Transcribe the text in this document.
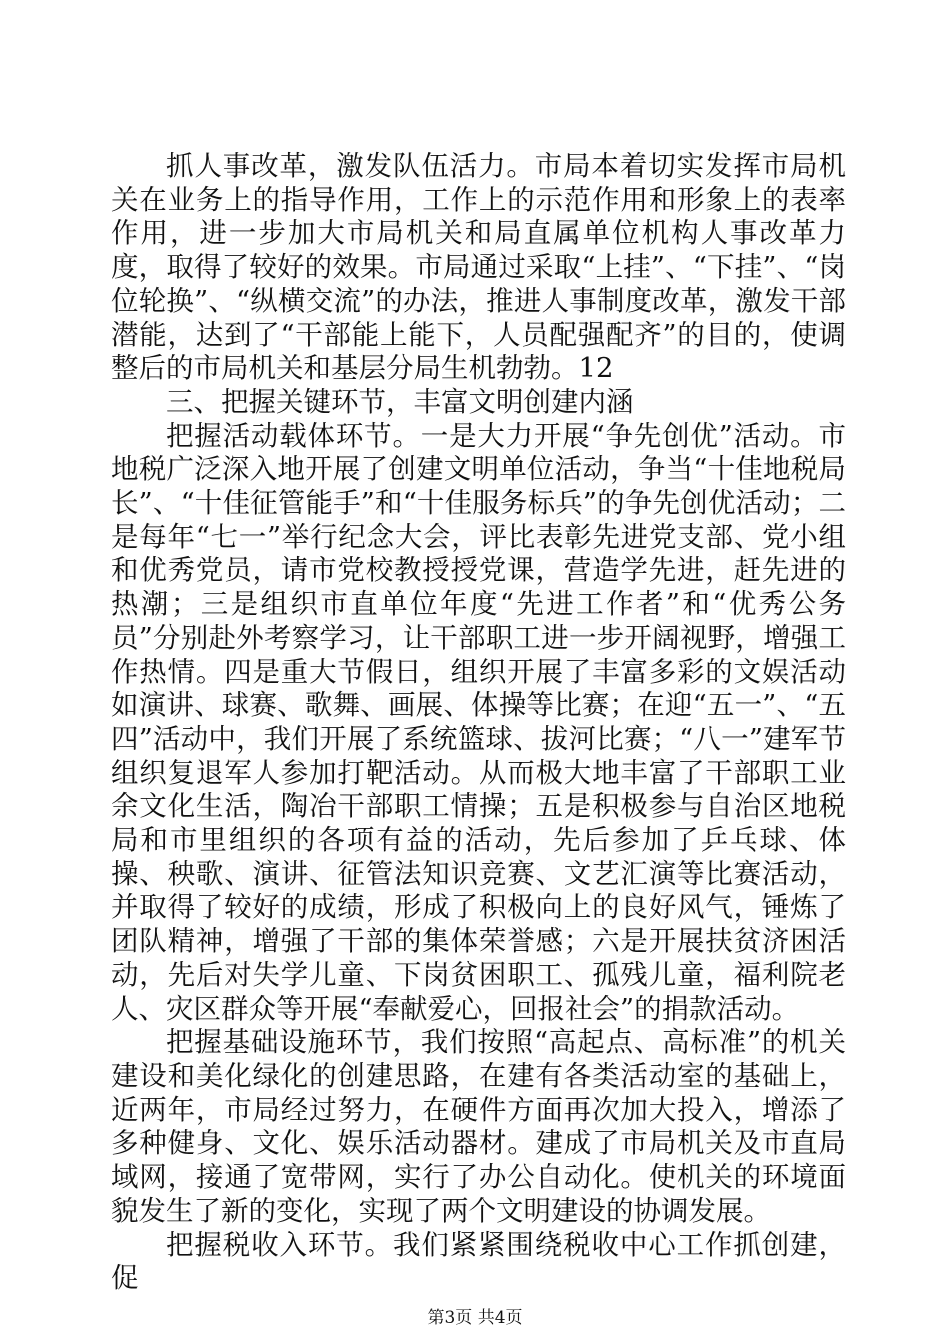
抓人事改革，激发队伍活力。市局本着切实发挥市局机关在业务上的指导作用，工作上的示范作用和形象上的表率作用，进一步加大市局机关和局直属单位机构人事改革力度，取得了较好的效果。市局通过采取“上挂”、“下挂”、“岗位轮换”、“纵横交流”的办法，推进人事制度改革，激发干部潜能，达到了“干部能上能下，人员配强配齐”的目的，使调整后的市局机关和基层分局生机勃勃。12

三、把握关键环节，丰富文明创建内涵

把握活动载体环节。一是大力开展“争先创优”活动。市地税广泛深入地开展了创建文明单位活动，争当“十佳地税局长”、“十佳征管能手”和“十佳服务标兵”的争先创优活动；二是每年“七一”举行纪念大会，评比表彰先进党支部、党小组和优秀党员，请市党校教授授党课，营造学先进，赶先进的热潮；三是组织市直单位年度“先进工作者”和“优秀公务员”分别赴外考察学习，让干部职工进一步开阔视野，增强工作热情。四是重大节假日，组织开展了丰富多彩的文娱活动如演讲、球赛、歌舞、画展、体操等比赛；在迎“五一”、“五四”活动中，我们开展了系统篮球、拔河比赛；“八一”建军节组织复退军人参加打靶活动。从而极大地丰富了干部职工业余文化生活，陶冶干部职工情操；五是积极参与自治区地税局和市里组织的各项有益的活动，先后参加了乒乓球、体操、秧歌、演讲、征管法知识竞赛、文艺汇演等比赛活动，并取得了较好的成绩，形成了积极向上的良好风气，锤炼了团队精神，增强了干部的集体荣誉感；六是开展扶贫济困活动，先后对失学儿童、下岗贫困职工、孤残儿童，福利院老人、灾区群众等开展“奉献爱心，回报社会”的捐款活动。

把握基础设施环节，我们按照“高起点、高标准”的机关建设和美化绿化的创建思路，在建有各类活动室的基础上，近两年，市局经过努力，在硬件方面再次加大投入，增添了多种健身、文化、娱乐活动器材。建成了市局机关及市直局域网，接通了宽带网，实行了办公自动化。使机关的环境面貌发生了新的变化，实现了两个文明建设的协调发展。

把握税收入环节。我们紧紧围绕税收中心工作抓创建，促

第3页 共4页
